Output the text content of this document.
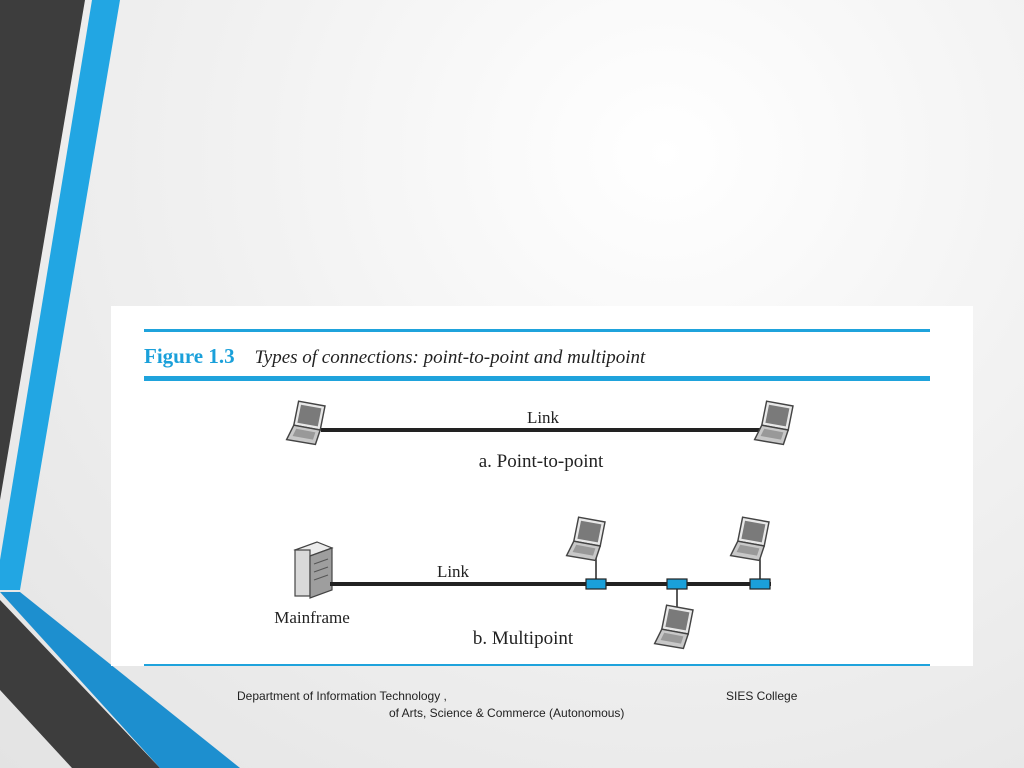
Figure 1.3 Types of connections: point-to-point and multipoint
Link
a. Point-to-point
Mainframe
Link
b. Multipoint
Department of Information Technology ,	SIES College
of Arts, Science & Commerce (Autonomous)
